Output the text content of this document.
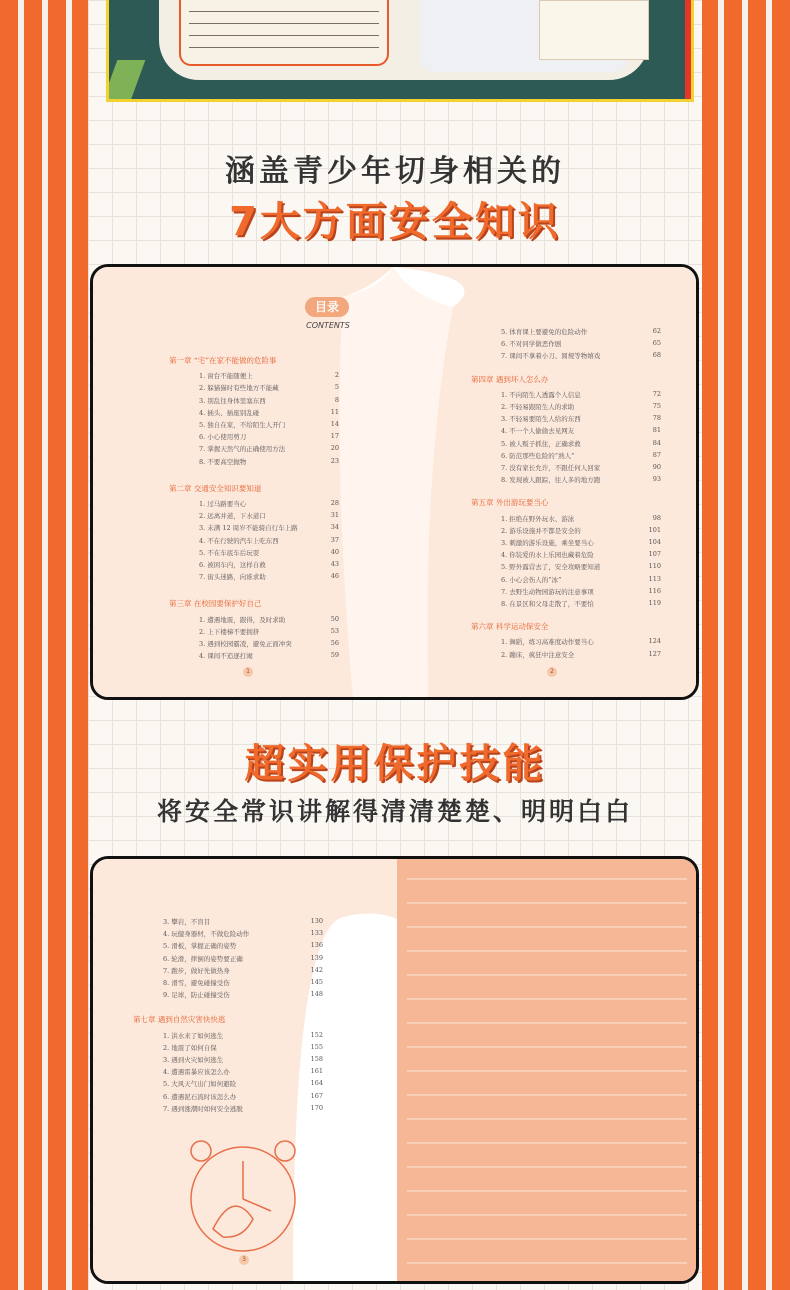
涵盖青少年切身相关的
7大方面安全知识
目录
CONTENTS
第一章 “宅”在家不能做的危险事
1. 窗台不能随便上	2
2. 躲猫猫时有些地方不能藏	5
3. 别乱往身体里塞东西	8
4. 插头、插座别乱碰	11
5. 独自在家，不给陌生人开门	14
6. 小心使用剪刀	17
7. 掌握天然气的正确使用方法	20
8. 不要高空抛物	23
第二章 交通安全知识要知道
1. 过马路要当心	28
2. 远离并道，下水道口	31
3. 未满 12 周岁不能骑自行车上路	34
4. 不在行驶的汽车上吃东西	37
5. 不在车底车后玩耍	40
6. 被困车内，这样自救	43
7. 街头迷路，向谁求助	46
第三章 在校园要保护好自己
1. 遭遇地震，跟得，及时求助	50
2. 上下楼梯不要拥挤	53
3. 遇到校园霸凌，避免正面冲突	56
4. 课间不追逐打闹	59
5. 体育课上要避免的危险动作	62
6. 不对同学做恶作剧	65
7. 课间不拿着小刀、圆规等物嬉戏	68
第四章 遇到坏人怎么办
1. 不向陌生人透露个人信息	72
2. 不轻易跟陌生人的求助	75
3. 不轻易要陌生人给的东西	78
4. 不一个人偷偷去见网友	81
5. 被人贩子抓住，正确求救	84
6. 防范那些危险的“熟人”	87
7. 没有家长允许，不跟任何人回家	90
8. 发现被人跟踪，往人多的地方跑	93
第五章 外出游玩要当心
1. 拒绝在野外玩水、游泳	98
2. 游乐设施并不都是安全的	101
3. 刺激的游乐设施，乘坐要当心	104
4. 你装爱的水上乐园也藏着危险	107
5. 野外露营去了，安全攻略要知道	110
6. 小心会伤人的“冰”	113
7. 去野生动物园游玩的注意事项	116
8. 在景区和父母走散了，不要怕	119
第六章 科学运动保安全
1. 舞蹈，练习高难度动作要当心	124
2. 蹦床，疯狂中注意安全	127
1	2
超实用保护技能
将安全常识讲解得清清楚楚、明明白白
3. 攀岩，不盲目	130
4. 玩健身器材，不做危险动作	133
5. 滑板，掌握正确的姿势	136
6. 轮滑，摔倒的姿势要正确	139
7. 跑步，做好先做热身	142
8. 滑雪，避免碰撞受伤	145
9. 足球，防止碰撞受伤	148
第七章 遇到自然灾害快快逃
1. 洪水来了如何逃生	152
2. 地震了如何自保	155
3. 遇到火灾如何逃生	158
4. 遭遇雷暴应该怎么办	161
5. 大风天气出门如何避险	164
6. 遭遇泥石流时该怎么办	167
7. 遇到涨潮时如何安全逃脱	170
3
